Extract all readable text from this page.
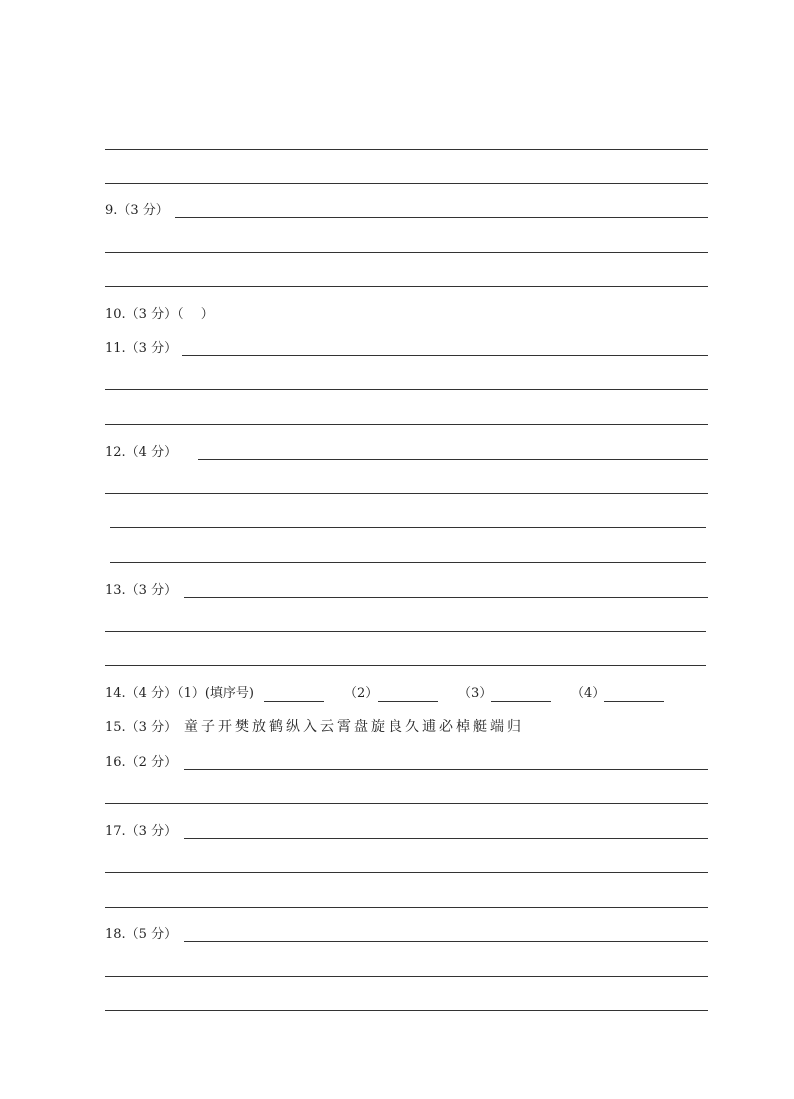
9.（3 分）
10.（3 分）（　 ）
11.（3 分）
12.（4 分）
13.（3 分）
14.（4 分）（1）(填序号)	（2）	（3）	（4）
15.（3 分） 童子开樊放鹤纵入云霄盘旋良久逋必棹艇端归
16.（2 分）
17.（3 分）
18.（5 分）
